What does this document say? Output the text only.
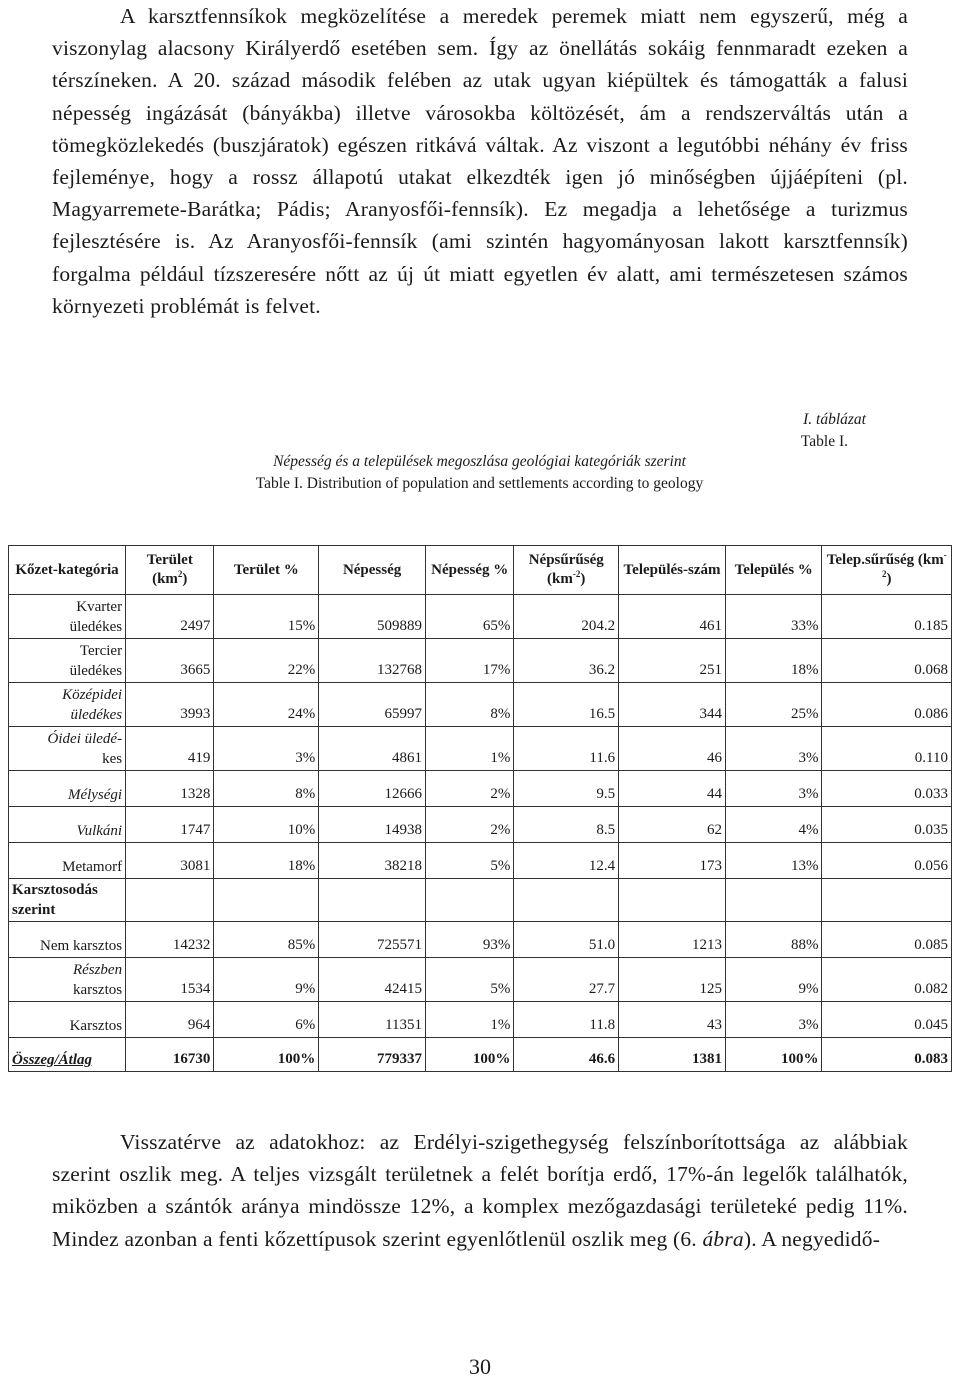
A karsztfennsíkok megközelítése a meredek peremek miatt nem egyszerű, még a viszonylag alacsony Királyerdő esetében sem. Így az önellátás sokáig fennmaradt ezeken a térszíneken. A 20. század második felében az utak ugyan kiépültek és támogatták a falusi népesség ingázását (bányákba) illetve városokba költözését, ám a rendszerváltás után a tömegközlekedés (buszjáratok) egészen ritkává váltak. Az viszont a legutóbbi néhány év friss fejleménye, hogy a rossz állapotú utakat elkezdték igen jó minőségben újjáépíteni (pl. Magyarremete-Barátka; Pádis; Aranyosfői-fennsík). Ez megadja a lehetősége a turizmus fejlesztésére is. Az Aranyosfői-fennsík (ami szintén hagyományosan lakott karsztfennsík) forgalma például tízszeresére nőtt az új út miatt egyetlen év alatt, ami természetesen számos környezeti problémát is felvet.

I. táblázat
Table I.
Népesség és a települések megoszlása geológiai kategóriák szerint
Table I. Distribution of population and settlements according to geology
Kőzet-kategória	Terület $(km^2)$	Terület %	Népesség	Népesség %	Népsűrűség $(km^{-2})$	Település-szám	Település %	Telep.sűrűség $(km^{-2})$

Kvarter
üledékes	2497	15%	509889	65%	204.2	461	33%	0.185

Tercier
üledékes	3665	22%	132768	17%	36.2	251	18%	0.068

Középidei
üledékes	3993	24%	65997	8%	16.5	344	25%	0.086

Óidei üledé-
kes	419	3%	4861	1%	11.6	46	3%	0.110

Mélységi	1328	8%	12666	2%	9.5	44	3%	0.033

Vulkáni	1747	10%	14938	2%	8.5	62	4%	0.035

Metamorf	3081	18%	38218	5%	12.4	173	13%	0.056
Karsztosodás szerint								

Nem karsztos	14232	85%	725571	93%	51.0	1213	88%	0.085

Részben
karsztos	1534	9%	42415	5%	27.7	125	9%	0.082

Karsztos	964	6%	11351	1%	11.8	43	3%	0.045
Összeg/Átlag	16730	100%	779337	100%	46.6	1381	100%	0.083

Visszatérve az adatokhoz: az Erdélyi-szigethegység felszínborítottsága az alábbiak szerint oszlik meg. A teljes vizsgált területnek a felét borítja erdő, 17%-án legelők találhatók, miközben a szántók aránya mindössze 12%, a komplex mezőgazdasági területeké pedig 11%. Mindez azonban a fenti kőzettípusok szerint egyenlőtlenül oszlik meg (6. ábra). A negyedidő-

30
